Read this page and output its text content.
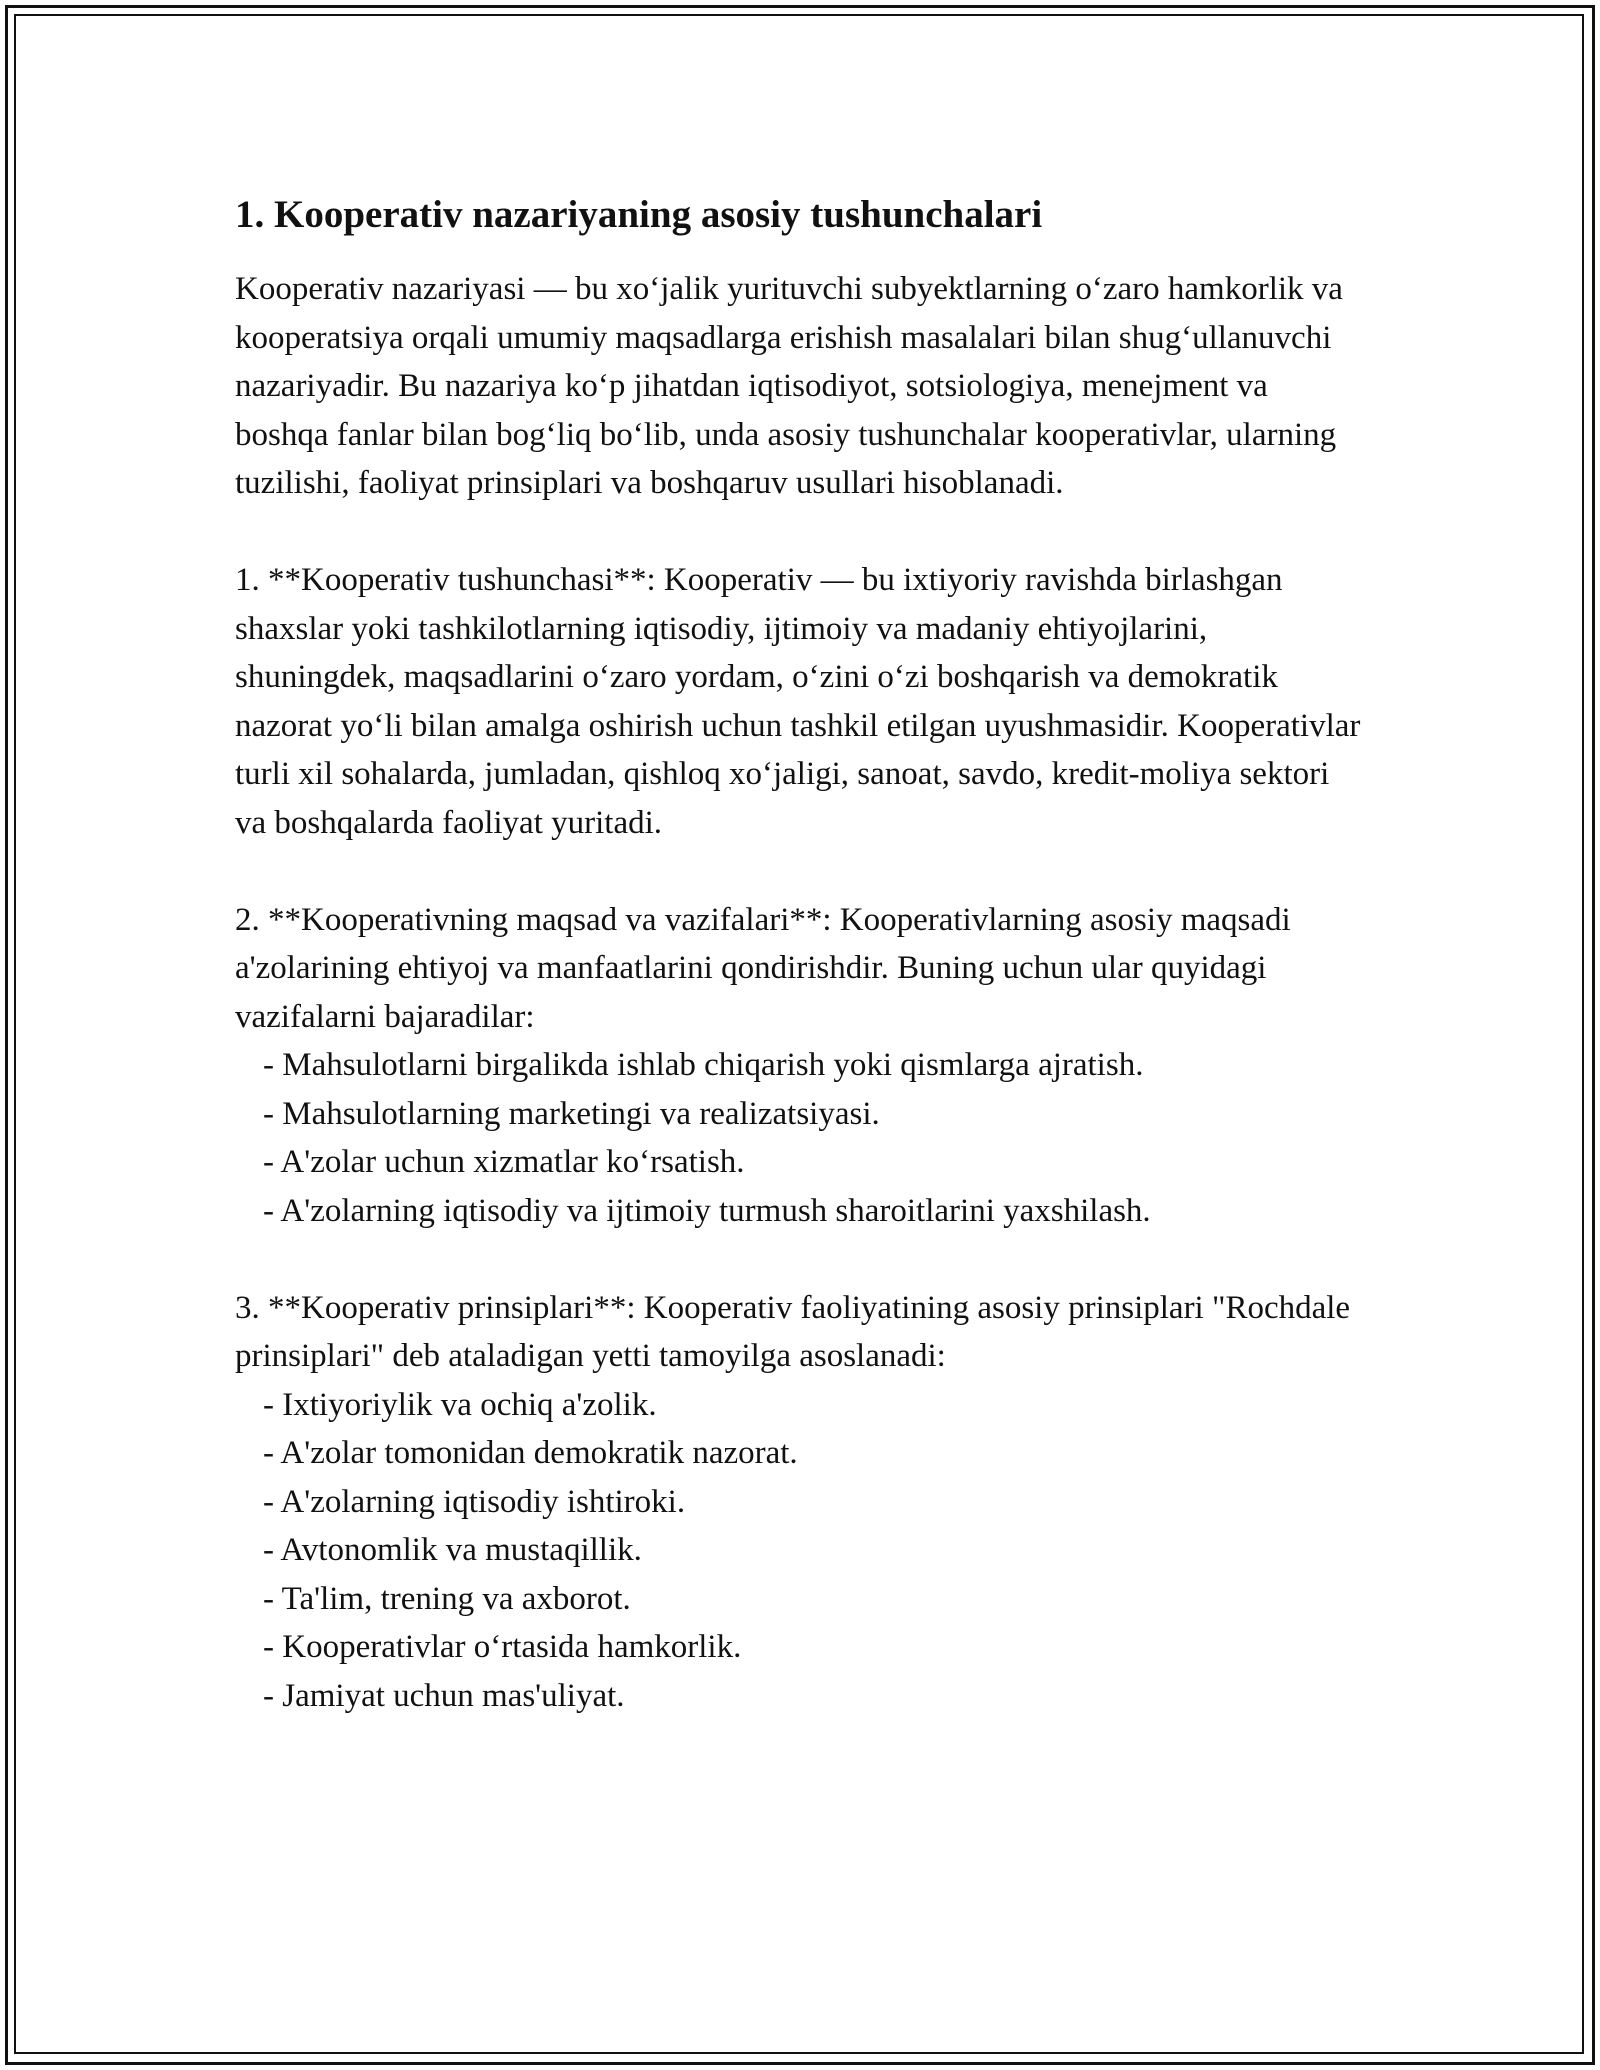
1. Kooperativ nazariyaning asosiy tushunchalari

Kooperativ nazariyasi — bu xo‘jalik yurituvchi subyektlarning o‘zaro hamkorlik va kooperatsiya orqali umumiy maqsadlarga erishish masalalari bilan shug‘ullanuvchi nazariyadir. Bu nazariya ko‘p jihatdan iqtisodiyot, sotsiologiya, menejment va boshqa fanlar bilan bog‘liq bo‘lib, unda asosiy tushunchalar kooperativlar, ularning tuzilishi, faoliyat prinsiplari va boshqaruv usullari hisoblanadi.

1. **Kooperativ tushunchasi**: Kooperativ — bu ixtiyoriy ravishda birlashgan shaxslar yoki tashkilotlarning iqtisodiy, ijtimoiy va madaniy ehtiyojlarini, shuningdek, maqsadlarini o‘zaro yordam, o‘zini o‘zi boshqarish va demokratik nazorat yo‘li bilan amalga oshirish uchun tashkil etilgan uyushmasidir. Kooperativlar turli xil sohalarda, jumladan, qishloq xo‘jaligi, sanoat, savdo, kredit-moliya sektori va boshqalarda faoliyat yuritadi.

2. **Kooperativning maqsad va vazifalari**: Kooperativlarning asosiy maqsadi a'zolarining ehtiyoj va manfaatlarini qondirishdir. Buning uchun ular quyidagi vazifalarni bajaradilar:

- Mahsulotlarni birgalikda ishlab chiqarish yoki qismlarga ajratish.

- Mahsulotlarning marketingi va realizatsiyasi.

- A'zolar uchun xizmatlar ko‘rsatish.

- A'zolarning iqtisodiy va ijtimoiy turmush sharoitlarini yaxshilash.

3. **Kooperativ prinsiplari**: Kooperativ faoliyatining asosiy prinsiplari "Rochdale prinsiplari" deb ataladigan yetti tamoyilga asoslanadi:

- Ixtiyoriylik va ochiq a'zolik.

- A'zolar tomonidan demokratik nazorat.

- A'zolarning iqtisodiy ishtiroki.

- Avtonomlik va mustaqillik.

- Ta'lim, trening va axborot.

- Kooperativlar o‘rtasida hamkorlik.

- Jamiyat uchun mas'uliyat.
